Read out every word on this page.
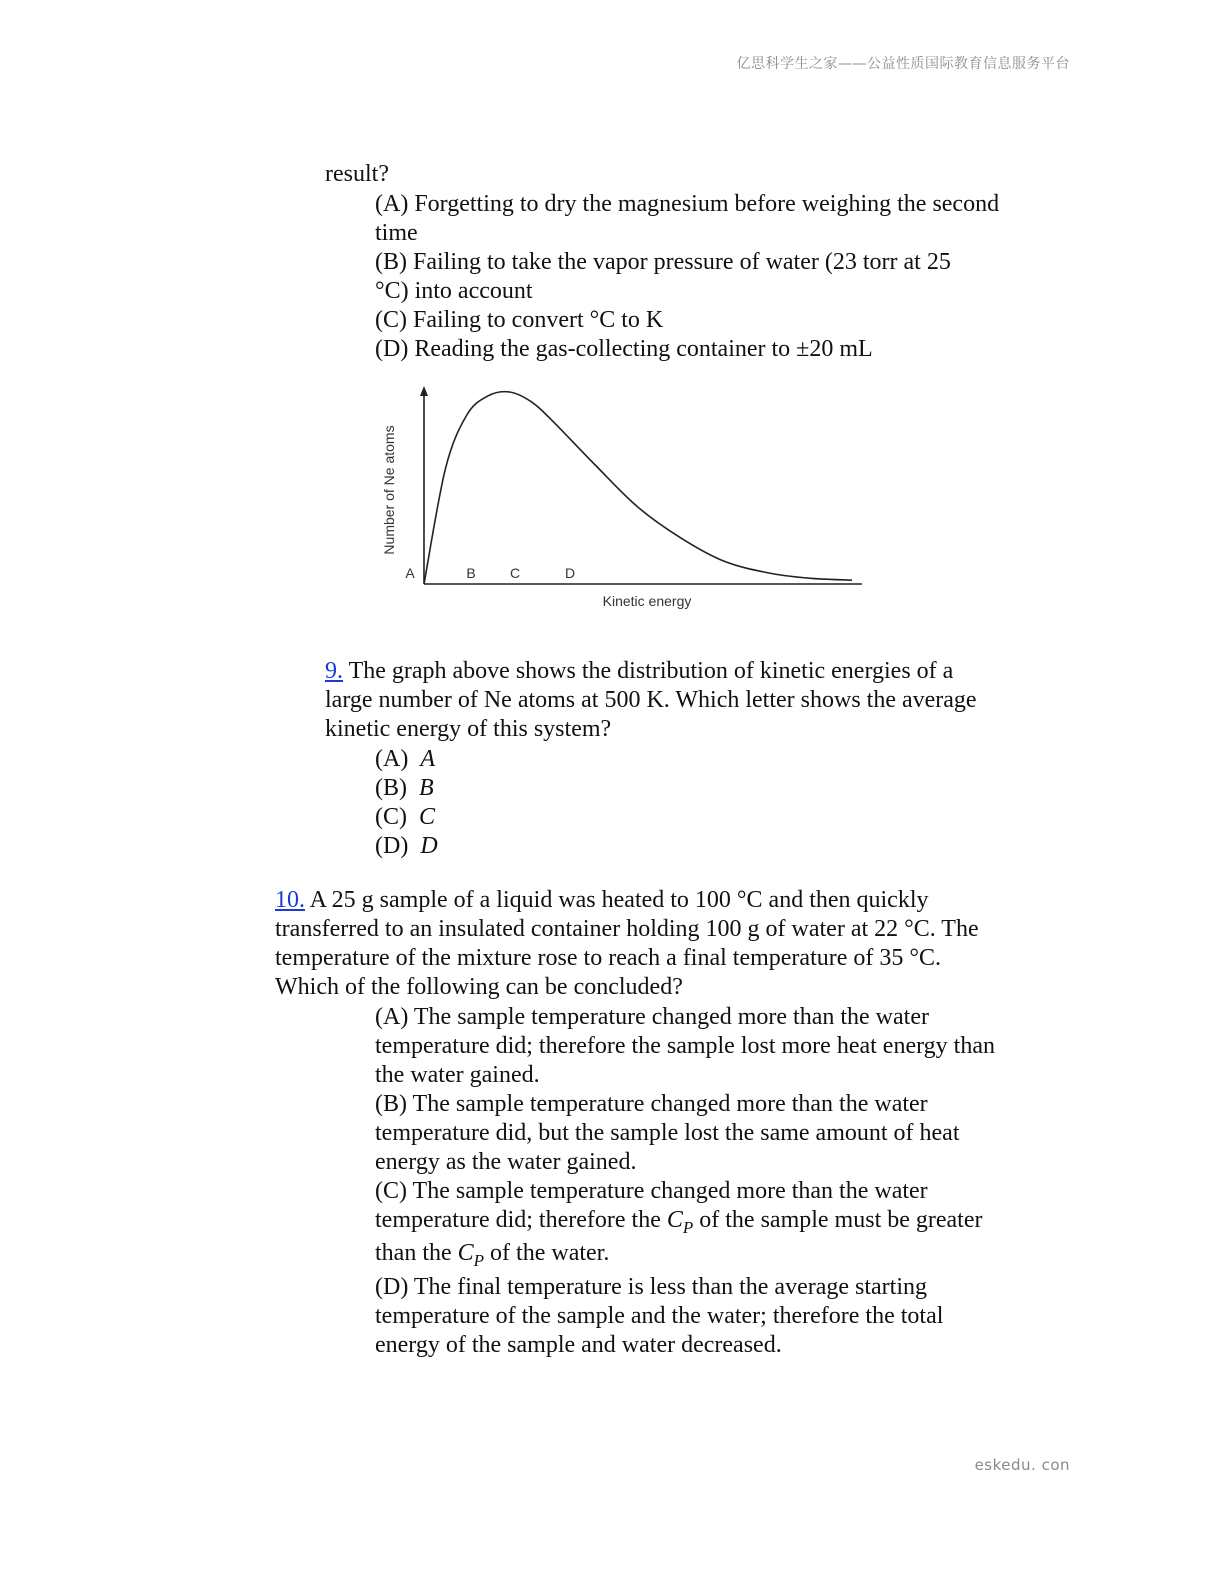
亿思科学生之家——公益性质国际教育信息服务平台
result?
(A) Forgetting to dry the magnesium before weighing the second
time
(B) Failing to take the vapor pressure of water (23 torr at 25
°C) into account
(C) Failing to convert °C to K
(D) Reading the gas-collecting container to ±20 mL
Number of Ne atoms
Kinetic energy
A	B C	D
9. The graph above shows the distribution of kinetic energies of a
large number of Ne atoms at 500 K. Which letter shows the average
kinetic energy of this system?
(A) A
(B) B
(C) C
(D) D
10. A 25 g sample of a liquid was heated to 100 °C and then quickly
transferred to an insulated container holding 100 g of water at 22 °C. The
temperature of the mixture rose to reach a final temperature of 35 °C.
Which of the following can be concluded?
(A) The sample temperature changed more than the water
temperature did; therefore the sample lost more heat energy than
the water gained.
(B) The sample temperature changed more than the water
temperature did, but the sample lost the same amount of heat
energy as the water gained.
(C) The sample temperature changed more than the water
temperature did; therefore the $C_P$ of the sample must be greater
than the $C_P$ of the water.
(D) The final temperature is less than the average starting
temperature of the sample and the water; therefore the total
energy of the sample and water decreased.
eskedu. con
